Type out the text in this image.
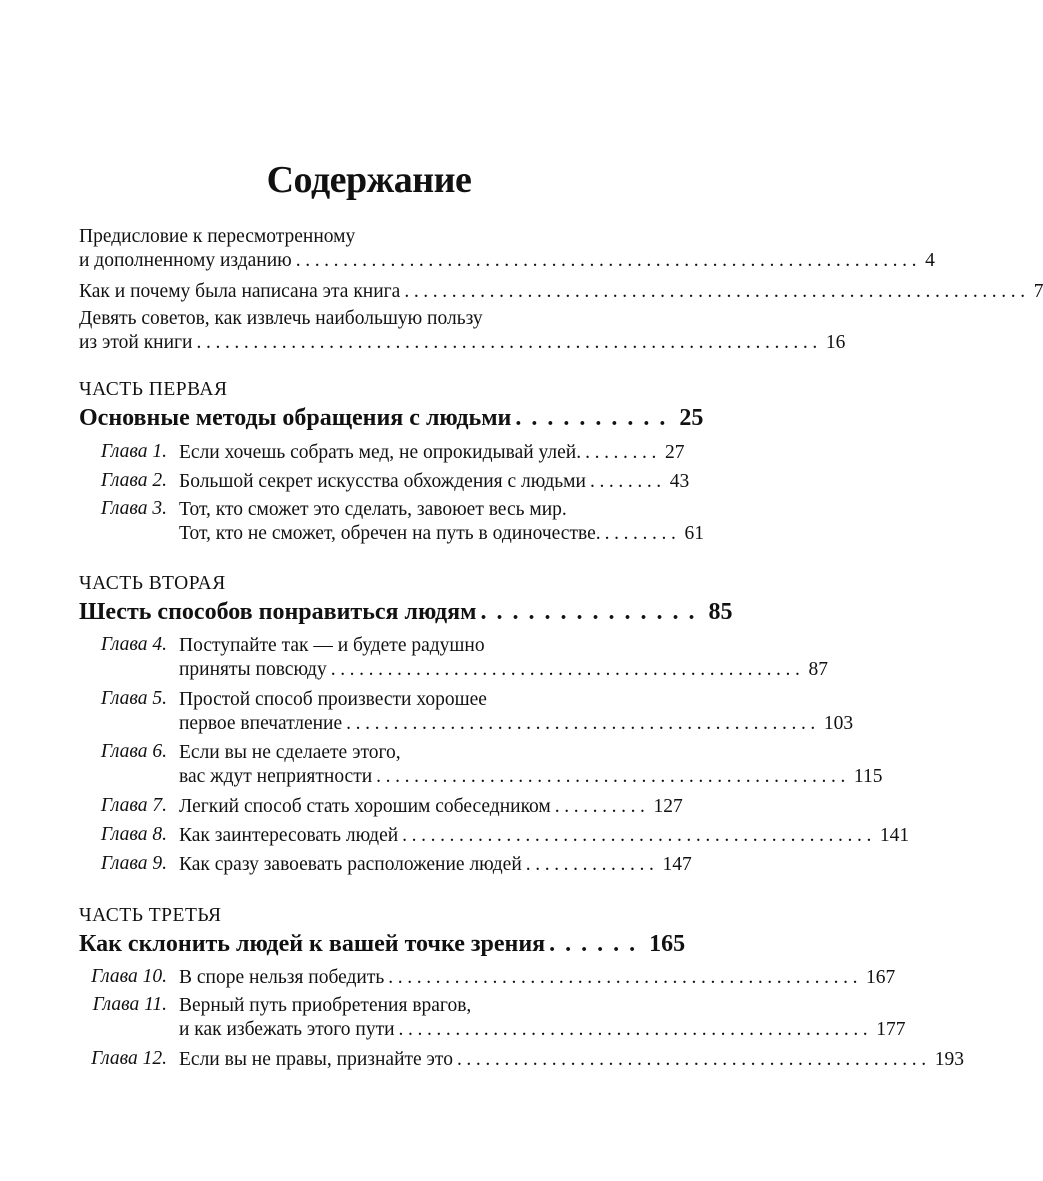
Содержание
Предисловие к пересмотренному
и дополненному изданию .................................................................. 4
Как и почему была написана эта книга .................................................................. 7
Девять советов, как извлечь наибольшую пользу
из этой книги .................................................................. 16
ЧАСТЬ ПЕРВАЯ
Основные методы обращения с людьми .......... 25
Глава 1. Если хочешь собрать мед, не опрокидывай улей. ........ 27
Глава 2. Большой секрет искусства обхождения с людьми ........ 43
Глава 3. Тот, кто сможет это сделать, завоюет весь мир.
Тот, кто не сможет, обречен на путь в одиночестве. ........ 61
ЧАСТЬ ВТОРАЯ
Шесть способов понравиться людям .............. 85
Глава 4. Поступайте так — и будете радушно
приняты повсюду .................................................. 87
Глава 5. Простой способ произвести хорошее
первое впечатление .................................................. 103
Глава 6. Если вы не сделаете этого,
вас ждут неприятности .................................................. 115
Глава 7. Легкий способ стать хорошим собеседником .......... 127
Глава 8. Как заинтересовать людей .................................................. 141
Глава 9. Как сразу завоевать расположение людей .............. 147
ЧАСТЬ ТРЕТЬЯ
Как склонить людей к вашей точке зрения ...... 165
Глава 10. В споре нельзя победить .................................................. 167
Глава 11. Верный путь приобретения врагов,
и как избежать этого пути .................................................. 177
Глава 12. Если вы не правы, признайте это .................................................. 193
